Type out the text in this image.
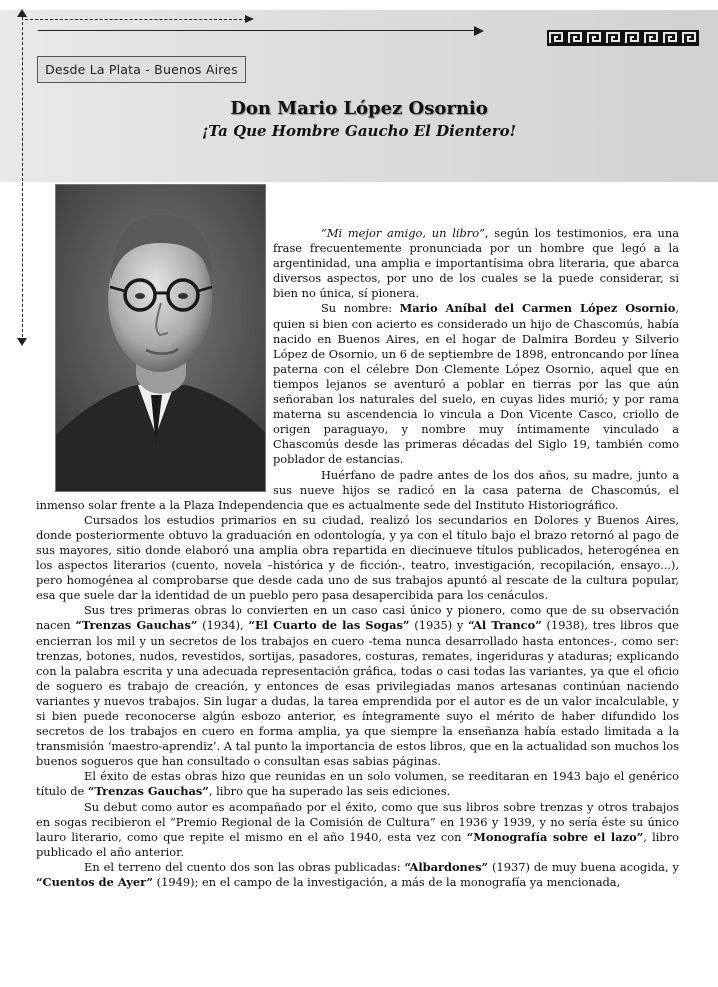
Desde La Plata - Buenos Aires
Don Mario López Osornio
¡Ta Que Hombre Gaucho El Dientero!

“Mi mejor amigo, un libro”, según los testimonios, era una frase frecuentemente pronunciada por un hombre que legó a la argentinidad, una amplia e importantísima obra literaria, que abarca diversos aspectos, por uno de los cuales se la puede considerar, si bien no única, sí pionera.

Su nombre: Mario Aníbal del Carmen López Osornio, quien si bien con acierto es considerado un hijo de Chascomús, había nacido en Buenos Aires, en el hogar de Dalmira Bordeu y Silverio López de Osornio, un 6 de septiembre de 1898, entroncando por línea paterna con el célebre Don Clemente López Osornio, aquel que en tiempos lejanos se aventuró a poblar en tierras por las que aún señoraban los naturales del suelo, en cuyas lides murió; y por rama materna su ascendencia lo vincula a Don Vicente Casco, criollo de origen paraguayo, y nombre muy íntimamente vinculado a Chascomús desde las primeras décadas del Siglo 19, también como poblador de estancias.

Huérfano de padre antes de los dos años, su madre, junto a sus nueve hijos se radicó en la casa paterna de Chascomús, el inmenso solar frente a la Plaza Independencia que es actualmente sede del Instituto Historiográfico.

Cursados los estudios primarios en su ciudad, realizó los secundarios en Dolores y Buenos Aires, donde posteriormente obtuvo la graduación en odontología, y ya con el título bajo el brazo retornó al pago de sus mayores, sitio donde elaboró una amplia obra repartida en diecinueve títulos publicados, heterogénea en los aspectos literarios (cuento, novela –histórica y de ficción-, teatro, investigación, recopilación, ensayo...), pero homogénea al comprobarse que desde cada uno de sus trabajos apuntó al rescate de la cultura popular, esa que suele dar la identidad de un pueblo pero pasa desapercibida para los cenáculos.

Sus tres primeras obras lo convierten en un caso casi único y pionero, como que de su observación nacen “Trenzas Gauchas” (1934), “El Cuarto de las Sogas” (1935) y “Al Tranco” (1938), tres libros que encierran los mil y un secretos de los trabajos en cuero -tema nunca desarrollado hasta entonces-, como ser: trenzas, botones, nudos, revestidos, sortijas, pasadores, costuras, remates, ingeriduras y ataduras; explicando con la palabra escrita y una adecuada representación gráfica, todas o casi todas las variantes, ya que el oficio de soguero es trabajo de creación, y entonces de esas privilegiadas manos artesanas continúan naciendo variantes y nuevos trabajos. Sin lugar a dudas, la tarea emprendida por el autor es de un valor incalculable, y si bien puede reconocerse algún esbozo anterior, es íntegramente suyo el mérito de haber difundido los secretos de los trabajos en cuero en forma amplia, ya que siempre la enseñanza había estado limitada a la transmisión ‘maestro-aprendiz’. A tal punto la importancia de estos libros, que en la actualidad son muchos los buenos sogueros que han consultado o consultan esas sabias páginas.

El éxito de estas obras hizo que reunidas en un solo volumen, se reeditaran en 1943 bajo el genérico título de “Trenzas Gauchas”, libro que ha superado las seis ediciones.

Su debut como autor es acompañado por el éxito, como que sus libros sobre trenzas y otros trabajos en sogas recibieron el “Premio Regional de la Comisión de Cultura” en 1936 y 1939, y no sería éste su único lauro literario, como que repite el mismo en el año 1940, esta vez con “Monografía sobre el lazo”, libro publicado el año anterior.

En el terreno del cuento dos son las obras publicadas: “Albardones” (1937) de muy buena acogida, y “Cuentos de Ayer” (1949); en el campo de la investigación, a más de la monografía ya mencionada,
